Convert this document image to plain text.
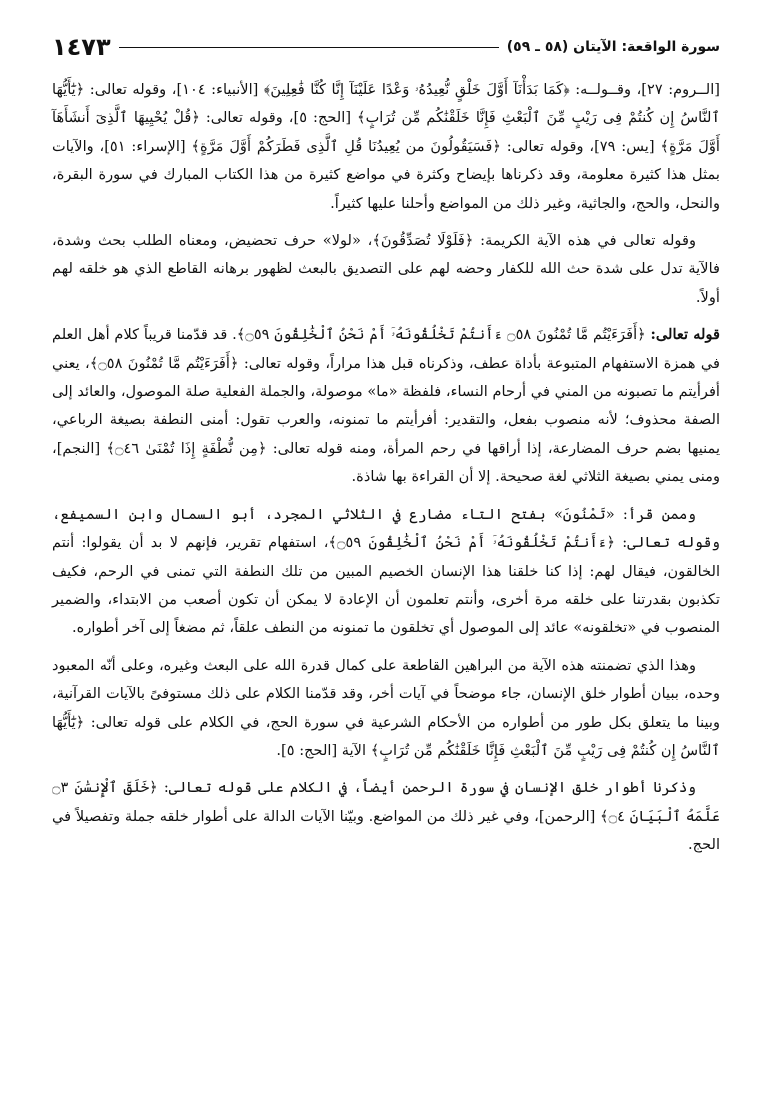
سورة الواقعة: الآيتان (٥٨ ـ ٥٩)
١٤٧٣

[الــروم: ٢٧]، وقــولــه: ﴿كَمَا بَدَأْنَآ أَوَّلَ خَلْقٍ نُّعِيدُهُۥ وَعْدًا عَلَيْنَآ إِنَّا كُنَّا فَٰعِلِينَ﴾ [الأنبياء: ١٠٤]، وقوله تعالى: ﴿يَٰٓأَيُّهَا ٱلنَّاسُ إِن كُنتُمْ فِى رَيْبٍ مِّنَ ٱلْبَعْثِ فَإِنَّا خَلَقْنَٰكُم مِّن تُرَابٍ﴾ [الحج: ٥]، وقوله تعالى: ﴿قُلْ يُحْيِيهَا ٱلَّذِىٓ أَنشَأَهَآ أَوَّلَ مَرَّةٍ﴾ [يس: ٧٩]، وقوله تعالى: ﴿فَسَيَقُولُونَ من يُعِيدُنَا قُلِ ٱلَّذِى فَطَرَكُمْ أَوَّلَ مَرَّةٍ﴾ [الإسراء: ٥١]، والآيات بمثل هذا كثيرة معلومة، وقد ذكرناها بإيضاح وكثرة في مواضع كثيرة من هذا الكتاب المبارك في سورة البقرة، والنحل، والحج، والجاثية، وغير ذلك من المواضع وأحلنا عليها كثيراً.

وقوله تعالى في هذه الآية الكريمة: ﴿فَلَوْلَا تُصَدِّقُونَ﴾، «لولا» حرف تحضيض، ومعناه الطلب بحث وشدة، فالآية تدل على شدة حث الله للكفار وحضه لهم على التصديق بالبعث لظهور برهانه القاطع الذي هو خلقه لهم أولاً.

قوله تعالى: ﴿أَفَرَءَيْتُم مَّا تُمْنُونَ ۝٥٨ ءَأَنتُمْ تَخْلُقُونَهُۥٓ أَمْ نَحْنُ ٱلْخَٰلِقُونَ ۝٥٩﴾. قد قدّمنا قريباً كلام أهل العلم في همزة الاستفهام المتبوعة بأداة عطف، وذكرناه قبل هذا مراراً، وقوله تعالى: ﴿أَفَرَءَيْتُم مَّا تُمْنُونَ ۝٥٨﴾، يعني أفرأيتم ما تصبونه من المني في أرحام النساء، فلفظة «ما» موصولة، والجملة الفعلية صلة الموصول، والعائد إلى الصفة محذوف؛ لأنه منصوب بفعل، والتقدير: أفرأيتم ما تمنونه، والعرب تقول: أمنى النطفة بصيغة الرباعي، يمنيها بضم حرف المضارعة، إذا أراقها في رحم المرأة، ومنه قوله تعالى: ﴿مِن نُّطْفَةٍ إِذَا تُمْنَىٰ ۝٤٦﴾ [النجم]، ومنى يمني بصيغة الثلاثي لغة صحيحة. إلا أن القراءة بها شاذة.

وممن قرأ: «تَمْنُونَ» بفتح التاء مضارع في الثلاثي المجرد، أبو السمال وابن السميفع، وقوله تعالى: ﴿ءَأَنتُمْ تَخْلُقُونَهُۥٓ أَمْ نَحْنُ ٱلْخَٰلِقُونَ ۝٥٩﴾، استفهام تقرير، فإنهم لا بد أن يقولوا: أنتم الخالقون، فيقال لهم: إذا كنا خلقنا هذا الإنسان الخصيم المبين من تلك النطفة التي تمنى في الرحم، فكيف تكذبون بقدرتنا على خلقه مرة أخرى، وأنتم تعلمون أن الإعادة لا يمكن أن تكون أصعب من الابتداء، والضمير المنصوب في «تخلقونه» عائد إلى الموصول أي تخلقون ما تمنونه من النطف علقاً، ثم مضغاً إلى آخر أطواره.

وهذا الذي تضمنته هذه الآية من البراهين القاطعة على كمال قدرة الله على البعث وغيره، وعلى أنّه المعبود وحده، ببيان أطوار خلق الإنسان، جاء موضحاً في آيات أخر، وقد قدّمنا الكلام على ذلك مستوفىً بالآيات القرآنية، وبينا ما يتعلق بكل طور من أطواره من الأحكام الشرعية في سورة الحج، في الكلام على قوله تعالى: ﴿يَٰٓأَيُّهَا ٱلنَّاسُ إِن كُنتُمْ فِى رَيْبٍ مِّنَ ٱلْبَعْثِ فَإِنَّا خَلَقْنَٰكُم مِّن تُرَابٍ﴾ الآية [الحج: ٥].

وذكرنا أطوار خلق الإنسان في سورة الرحمن أيضاً، في الكلام على قوله تعالى: ﴿خَلَقَ ٱلْإِنسَٰنَ ۝٣ عَلَّمَهُ ٱلْبَيَانَ ۝٤﴾ [الرحمن]، وفي غير ذلك من المواضع. وبيّنا الآيات الدالة على أطوار خلقه جملة وتفصيلاً في الحج.
